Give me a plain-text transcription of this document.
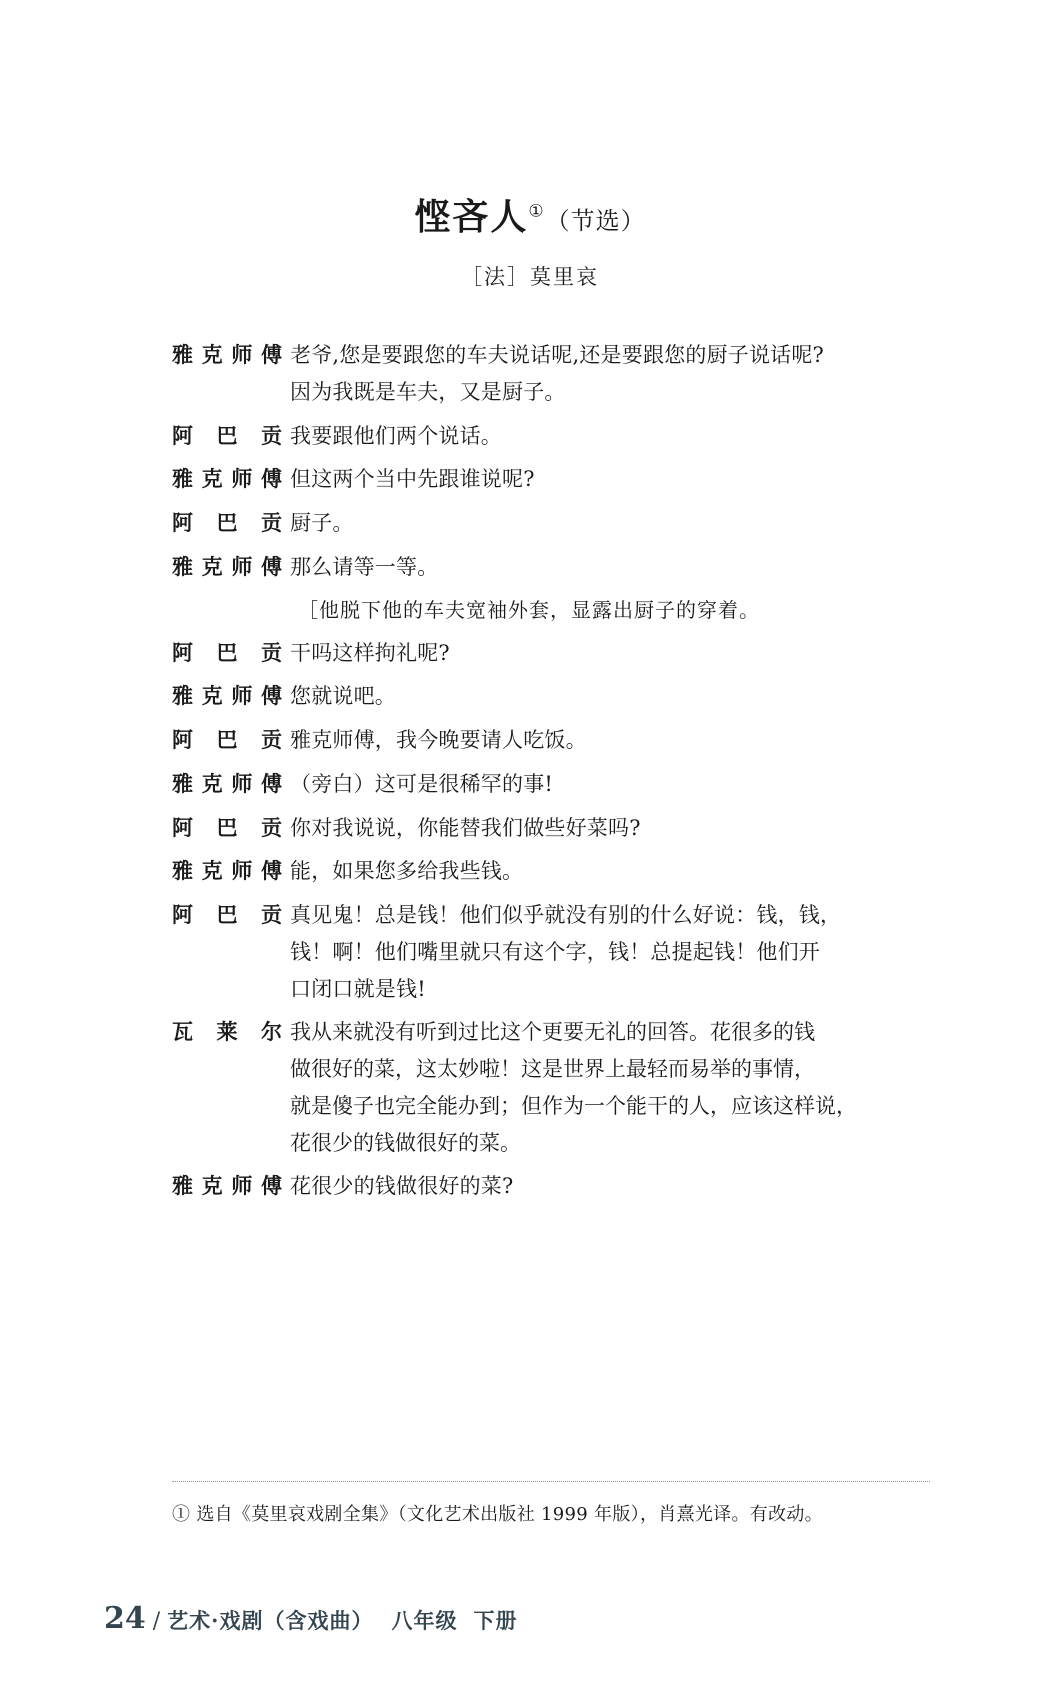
悭吝人①（节选）
［法］莫里哀
雅克师傅 老爷,您是要跟您的车夫说话呢,还是要跟您的厨子说话呢?
因为我既是车夫，又是厨子。
阿巴贡 我要跟他们两个说话。
雅克师傅 但这两个当中先跟谁说呢?
阿巴贡 厨子。
雅克师傅 那么请等一等。
［他脱下他的车夫宽袖外套，显露出厨子的穿着。
阿巴贡 干吗这样拘礼呢?
雅克师傅 您就说吧。
阿巴贡 雅克师傅，我今晚要请人吃饭。
雅克师傅 （旁白）这可是很稀罕的事!
阿巴贡 你对我说说，你能替我们做些好菜吗?
雅克师傅 能，如果您多给我些钱。
阿巴贡 真见鬼！总是钱！他们似乎就没有别的什么好说：钱，钱，
钱！啊！他们嘴里就只有这个字，钱！总提起钱！他们开
口闭口就是钱!
瓦莱尔 我从来就没有听到过比这个更要无礼的回答。花很多的钱
做很好的菜，这太妙啦！这是世界上最轻而易举的事情，
就是傻子也完全能办到；但作为一个能干的人，应该这样说，
花很少的钱做很好的菜。
雅克师傅 花很少的钱做很好的菜?
① 选自《莫里哀戏剧全集》（文化艺术出版社 1999 年版），肖熹光译。有改动。
24 / 艺术·戏剧（含戏曲） 八年级 下册
